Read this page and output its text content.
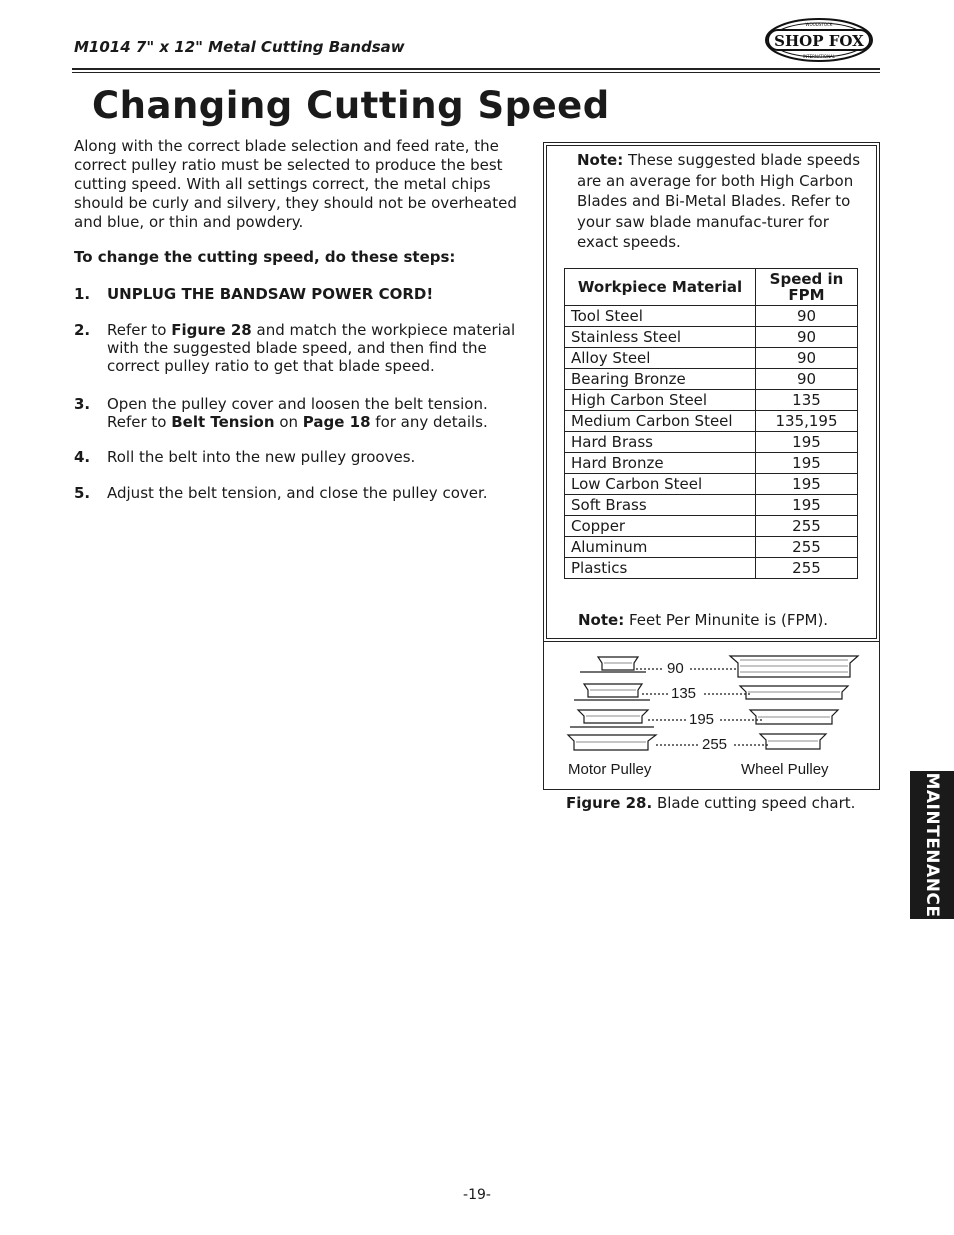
M1014 7" x 12" Metal Cutting Bandsaw	SHOP FOX
WOODSTOCK
INTERNATIONAL
Changing Cutting Speed
Along with the correct blade selection and feed rate, the correct pulley ratio must be selected to produce the best cutting speed. With all settings correct, the metal chips should be curly and silvery, they should not be overheated and blue, or thin and powdery.
To change the cutting speed, do these steps:
1. UNPLUG THE BANDSAW POWER CORD!
2. Refer to Figure 28 and match the workpiece material with the suggested blade speed, and then find the correct pulley ratio to get that blade speed.
3. Open the pulley cover and loosen the belt tension. Refer to Belt Tension on Page 18 for any details.
4. Roll the belt into the new pulley grooves.
5. Adjust the belt tension, and close the pulley cover.
Note: These suggested blade speeds are an average for both High Carbon Blades and Bi-Metal Blades. Refer to your saw blade manufac-turer for exact speeds.
Workpiece Material	Speed in FPM
Tool Steel	90
Stainless Steel	90
Alloy Steel	90
Bearing Bronze	90
High Carbon Steel	135
Medium Carbon Steel	135,195
Hard Brass	195
Hard Bronze	195
Low Carbon Steel	195
Soft Brass	195
Copper	255
Aluminum	255
Plastics	255
Note: Feet Per Minunite is (FPM).
90
135
195
255
Motor Pulley	Wheel Pulley
Figure 28. Blade cutting speed chart.	MAINTENANCE
-19-
